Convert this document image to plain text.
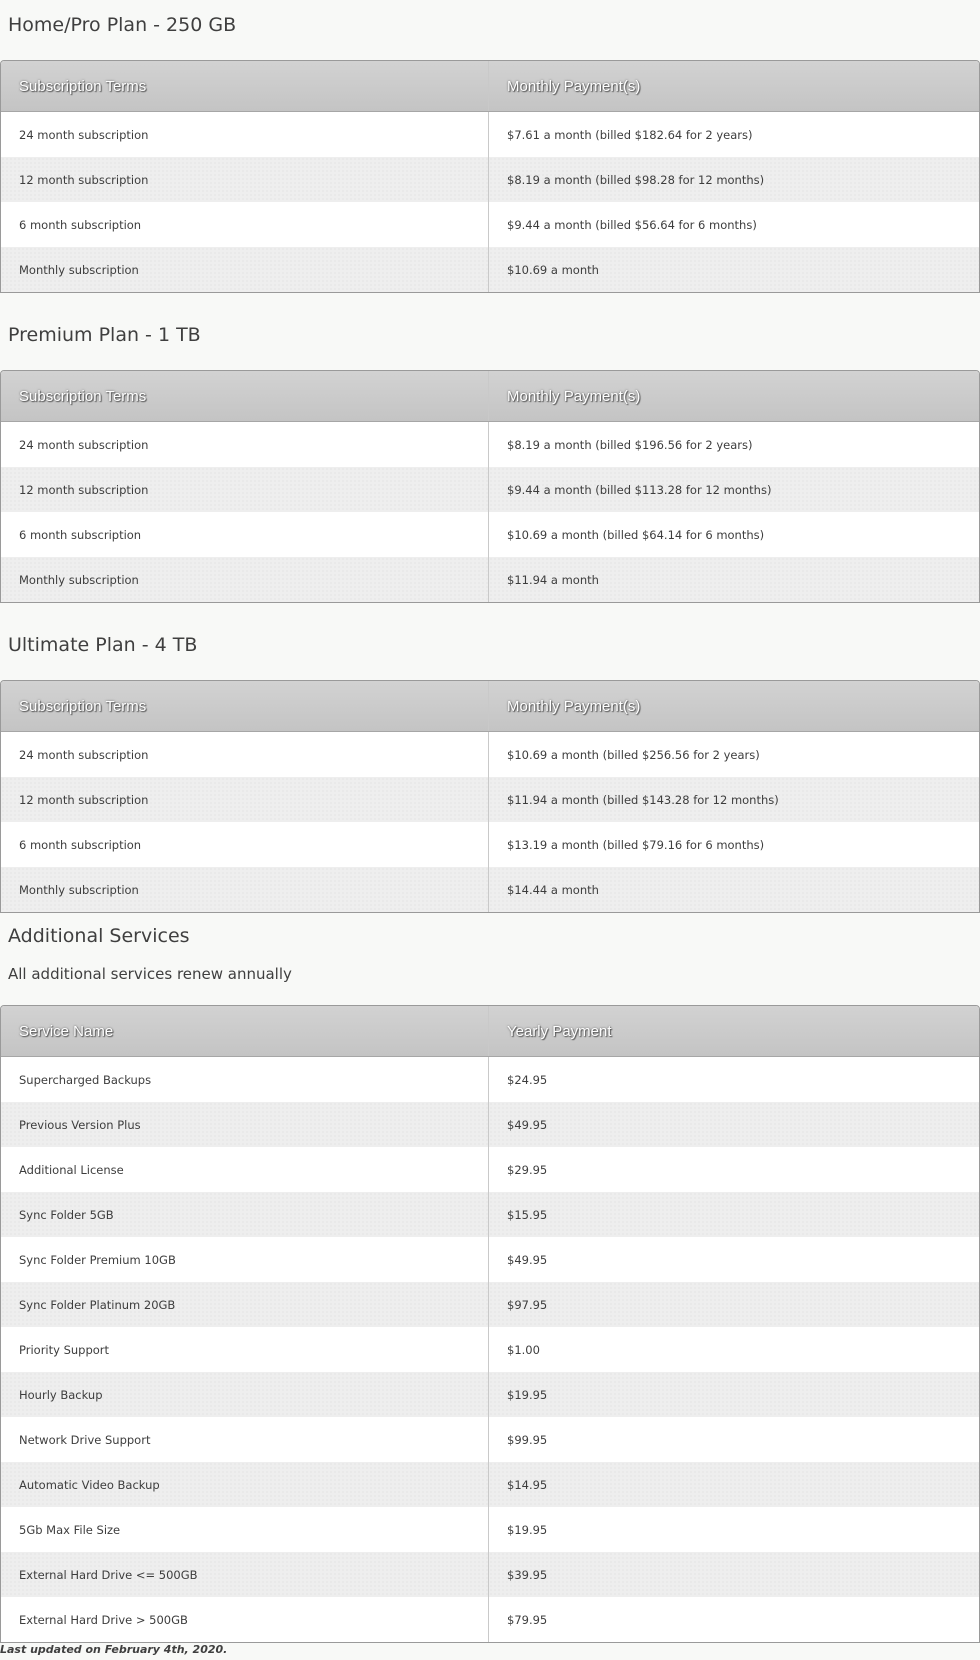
Home/Pro Plan - 250 GB
Subscription Terms	Monthly Payment(s)
24 month subscription	$7.61 a month (billed $182.64 for 2 years)
12 month subscription	$8.19 a month (billed $98.28 for 12 months)
6 month subscription	$9.44 a month (billed $56.64 for 6 months)
Monthly subscription	$10.69 a month
Premium Plan - 1 TB
Subscription Terms	Monthly Payment(s)
24 month subscription	$8.19 a month (billed $196.56 for 2 years)
12 month subscription	$9.44 a month (billed $113.28 for 12 months)
6 month subscription	$10.69 a month (billed $64.14 for 6 months)
Monthly subscription	$11.94 a month
Ultimate Plan - 4 TB
Subscription Terms	Monthly Payment(s)
24 month subscription	$10.69 a month (billed $256.56 for 2 years)
12 month subscription	$11.94 a month (billed $143.28 for 12 months)
6 month subscription	$13.19 a month (billed $79.16 for 6 months)
Monthly subscription	$14.44 a month
Additional Services

All additional services renew annually

Service Name	Yearly Payment
Supercharged Backups	$24.95
Previous Version Plus	$49.95
Additional License	$29.95
Sync Folder 5GB	$15.95
Sync Folder Premium 10GB	$49.95
Sync Folder Platinum 20GB	$97.95
Priority Support	$1.00
Hourly Backup	$19.95
Network Drive Support	$99.95
Automatic Video Backup	$14.95
5Gb Max File Size	$19.95
External Hard Drive <= 500GB	$39.95
External Hard Drive > 500GB	$79.95

Last updated on February 4th, 2020.
